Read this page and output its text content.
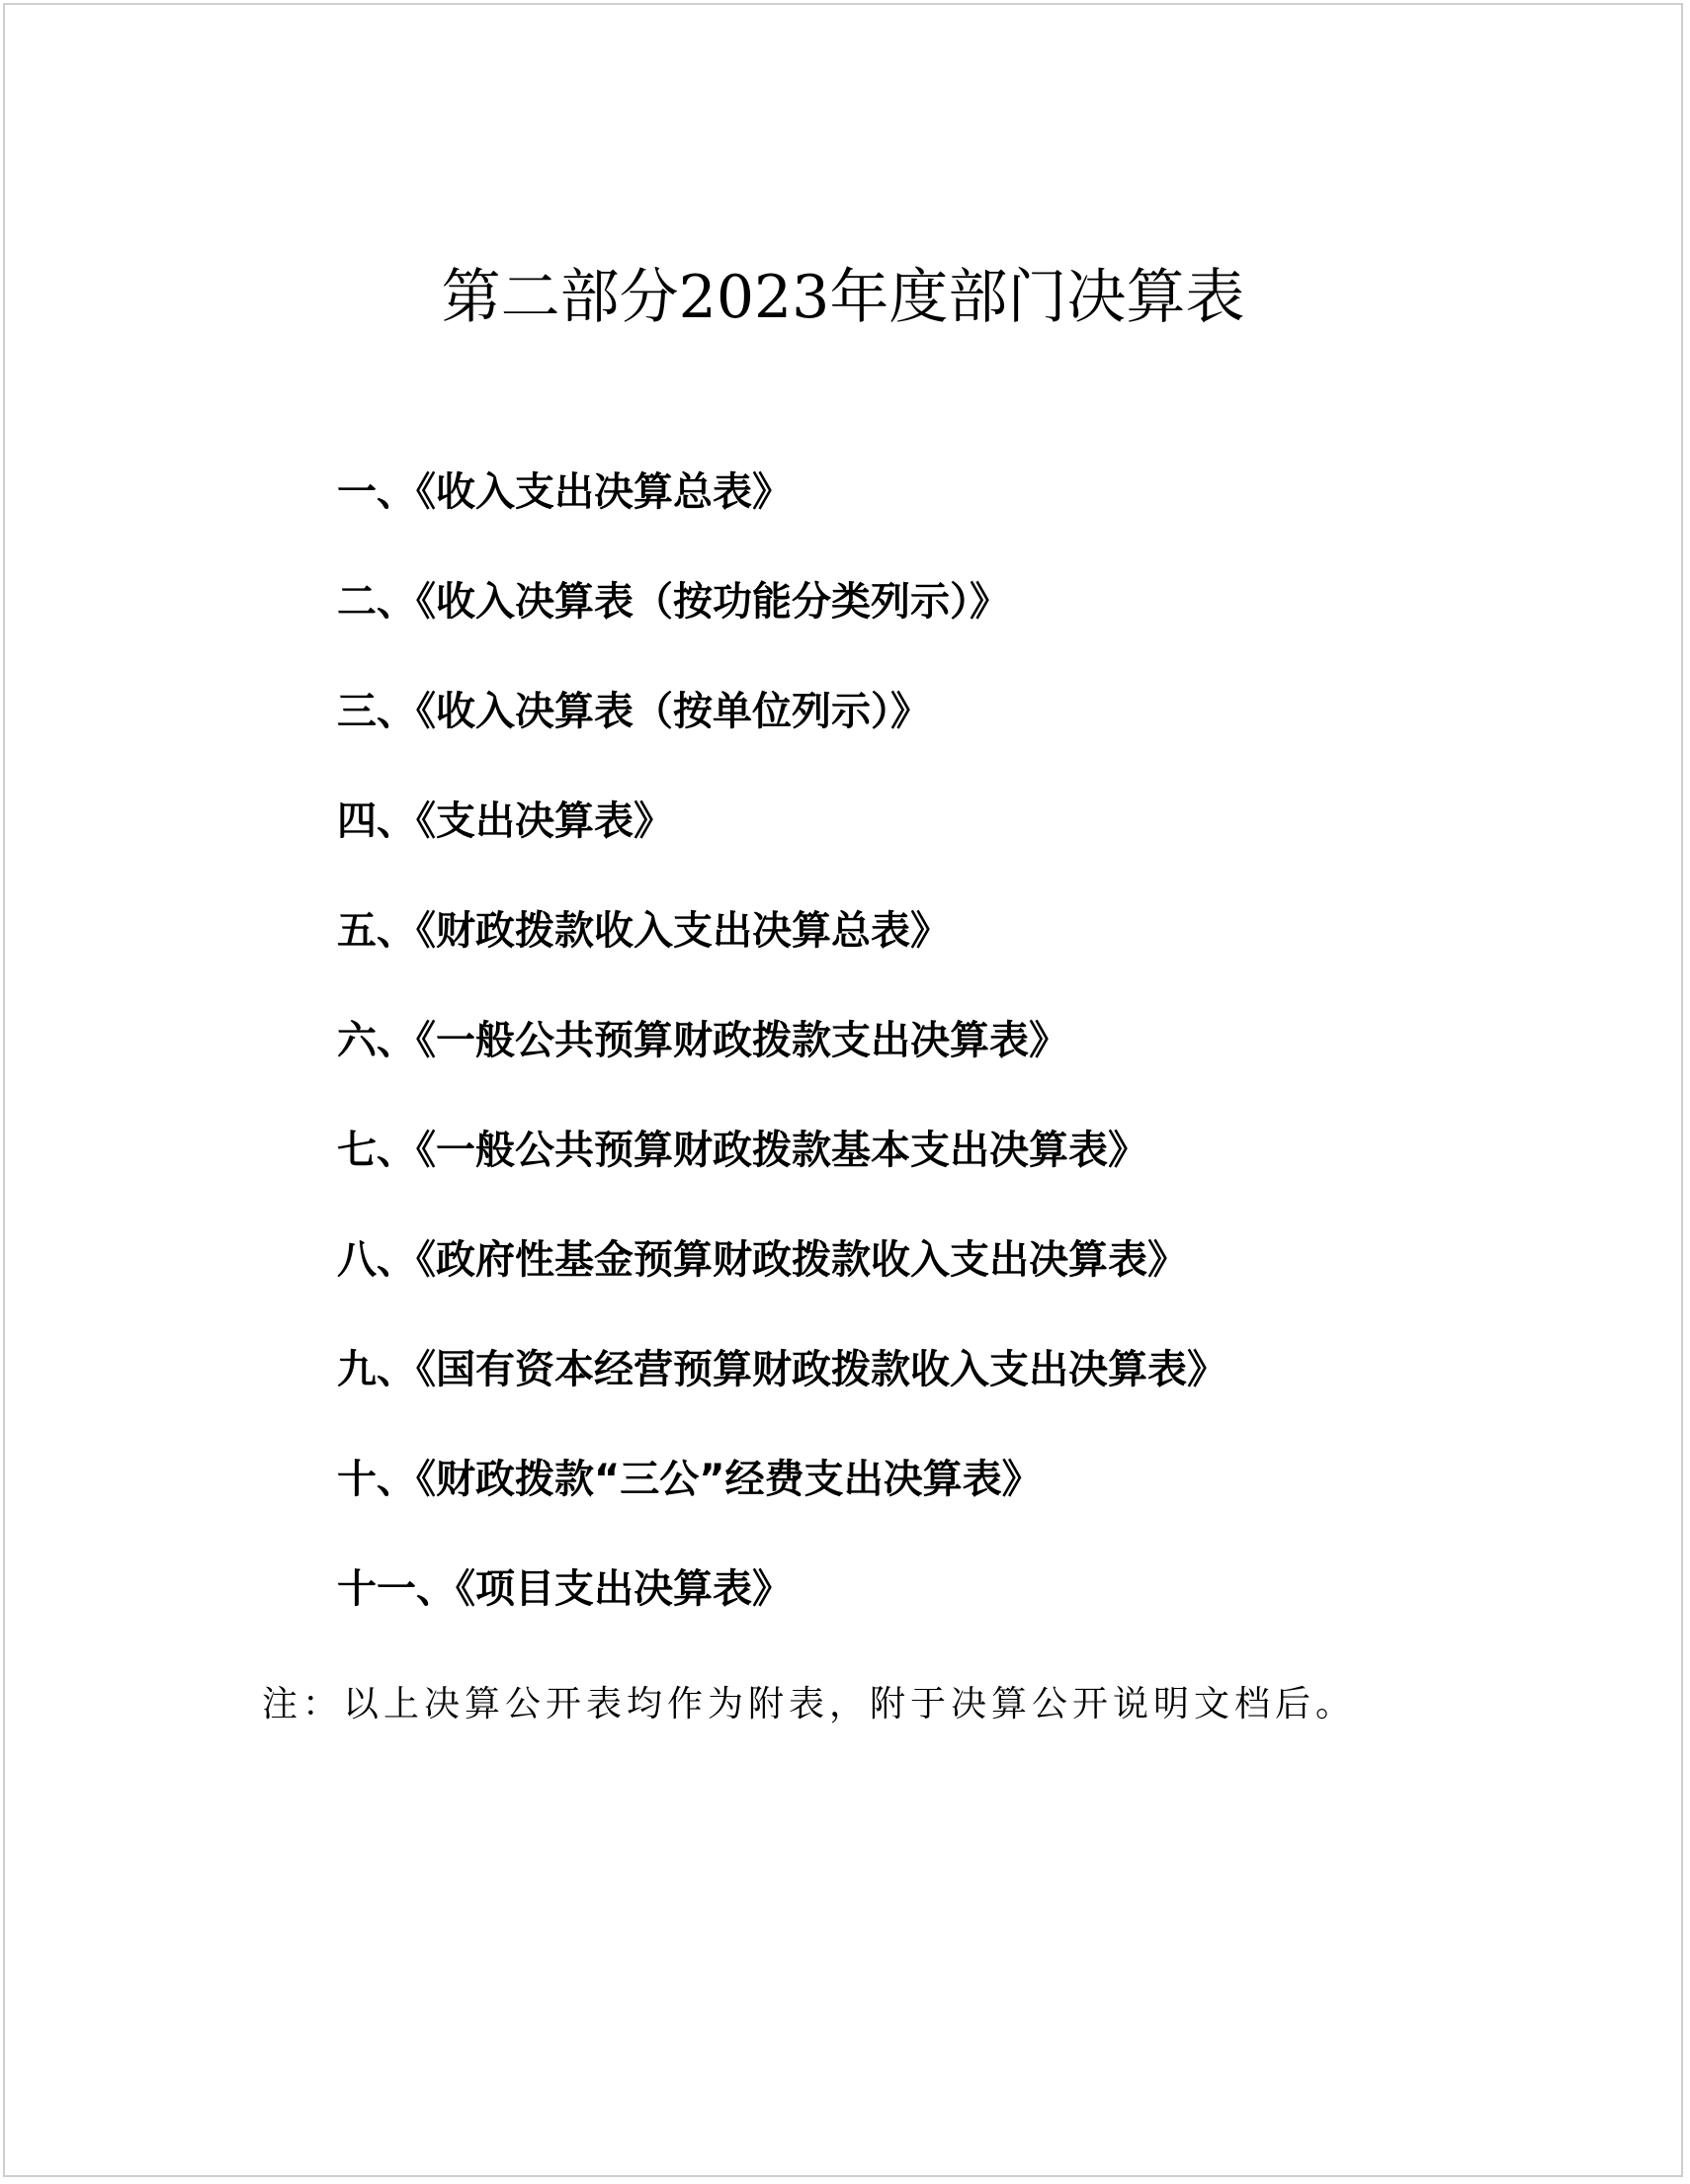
第二部分2023年度部门决算表
一、《收入支出决算总表》
二、《收入决算表（按功能分类列示）》
三、《收入决算表（按单位列示）》
四、《支出决算表》
五、《财政拨款收入支出决算总表》
六、《一般公共预算财政拨款支出决算表》
七、《一般公共预算财政拨款基本支出决算表》
八、《政府性基金预算财政拨款收入支出决算表》
九、《国有资本经营预算财政拨款收入支出决算表》
十、《财政拨款“三公”经费支出决算表》
十一、《项目支出决算表》
注：以上决算公开表均作为附表，附于决算公开说明文档后。
